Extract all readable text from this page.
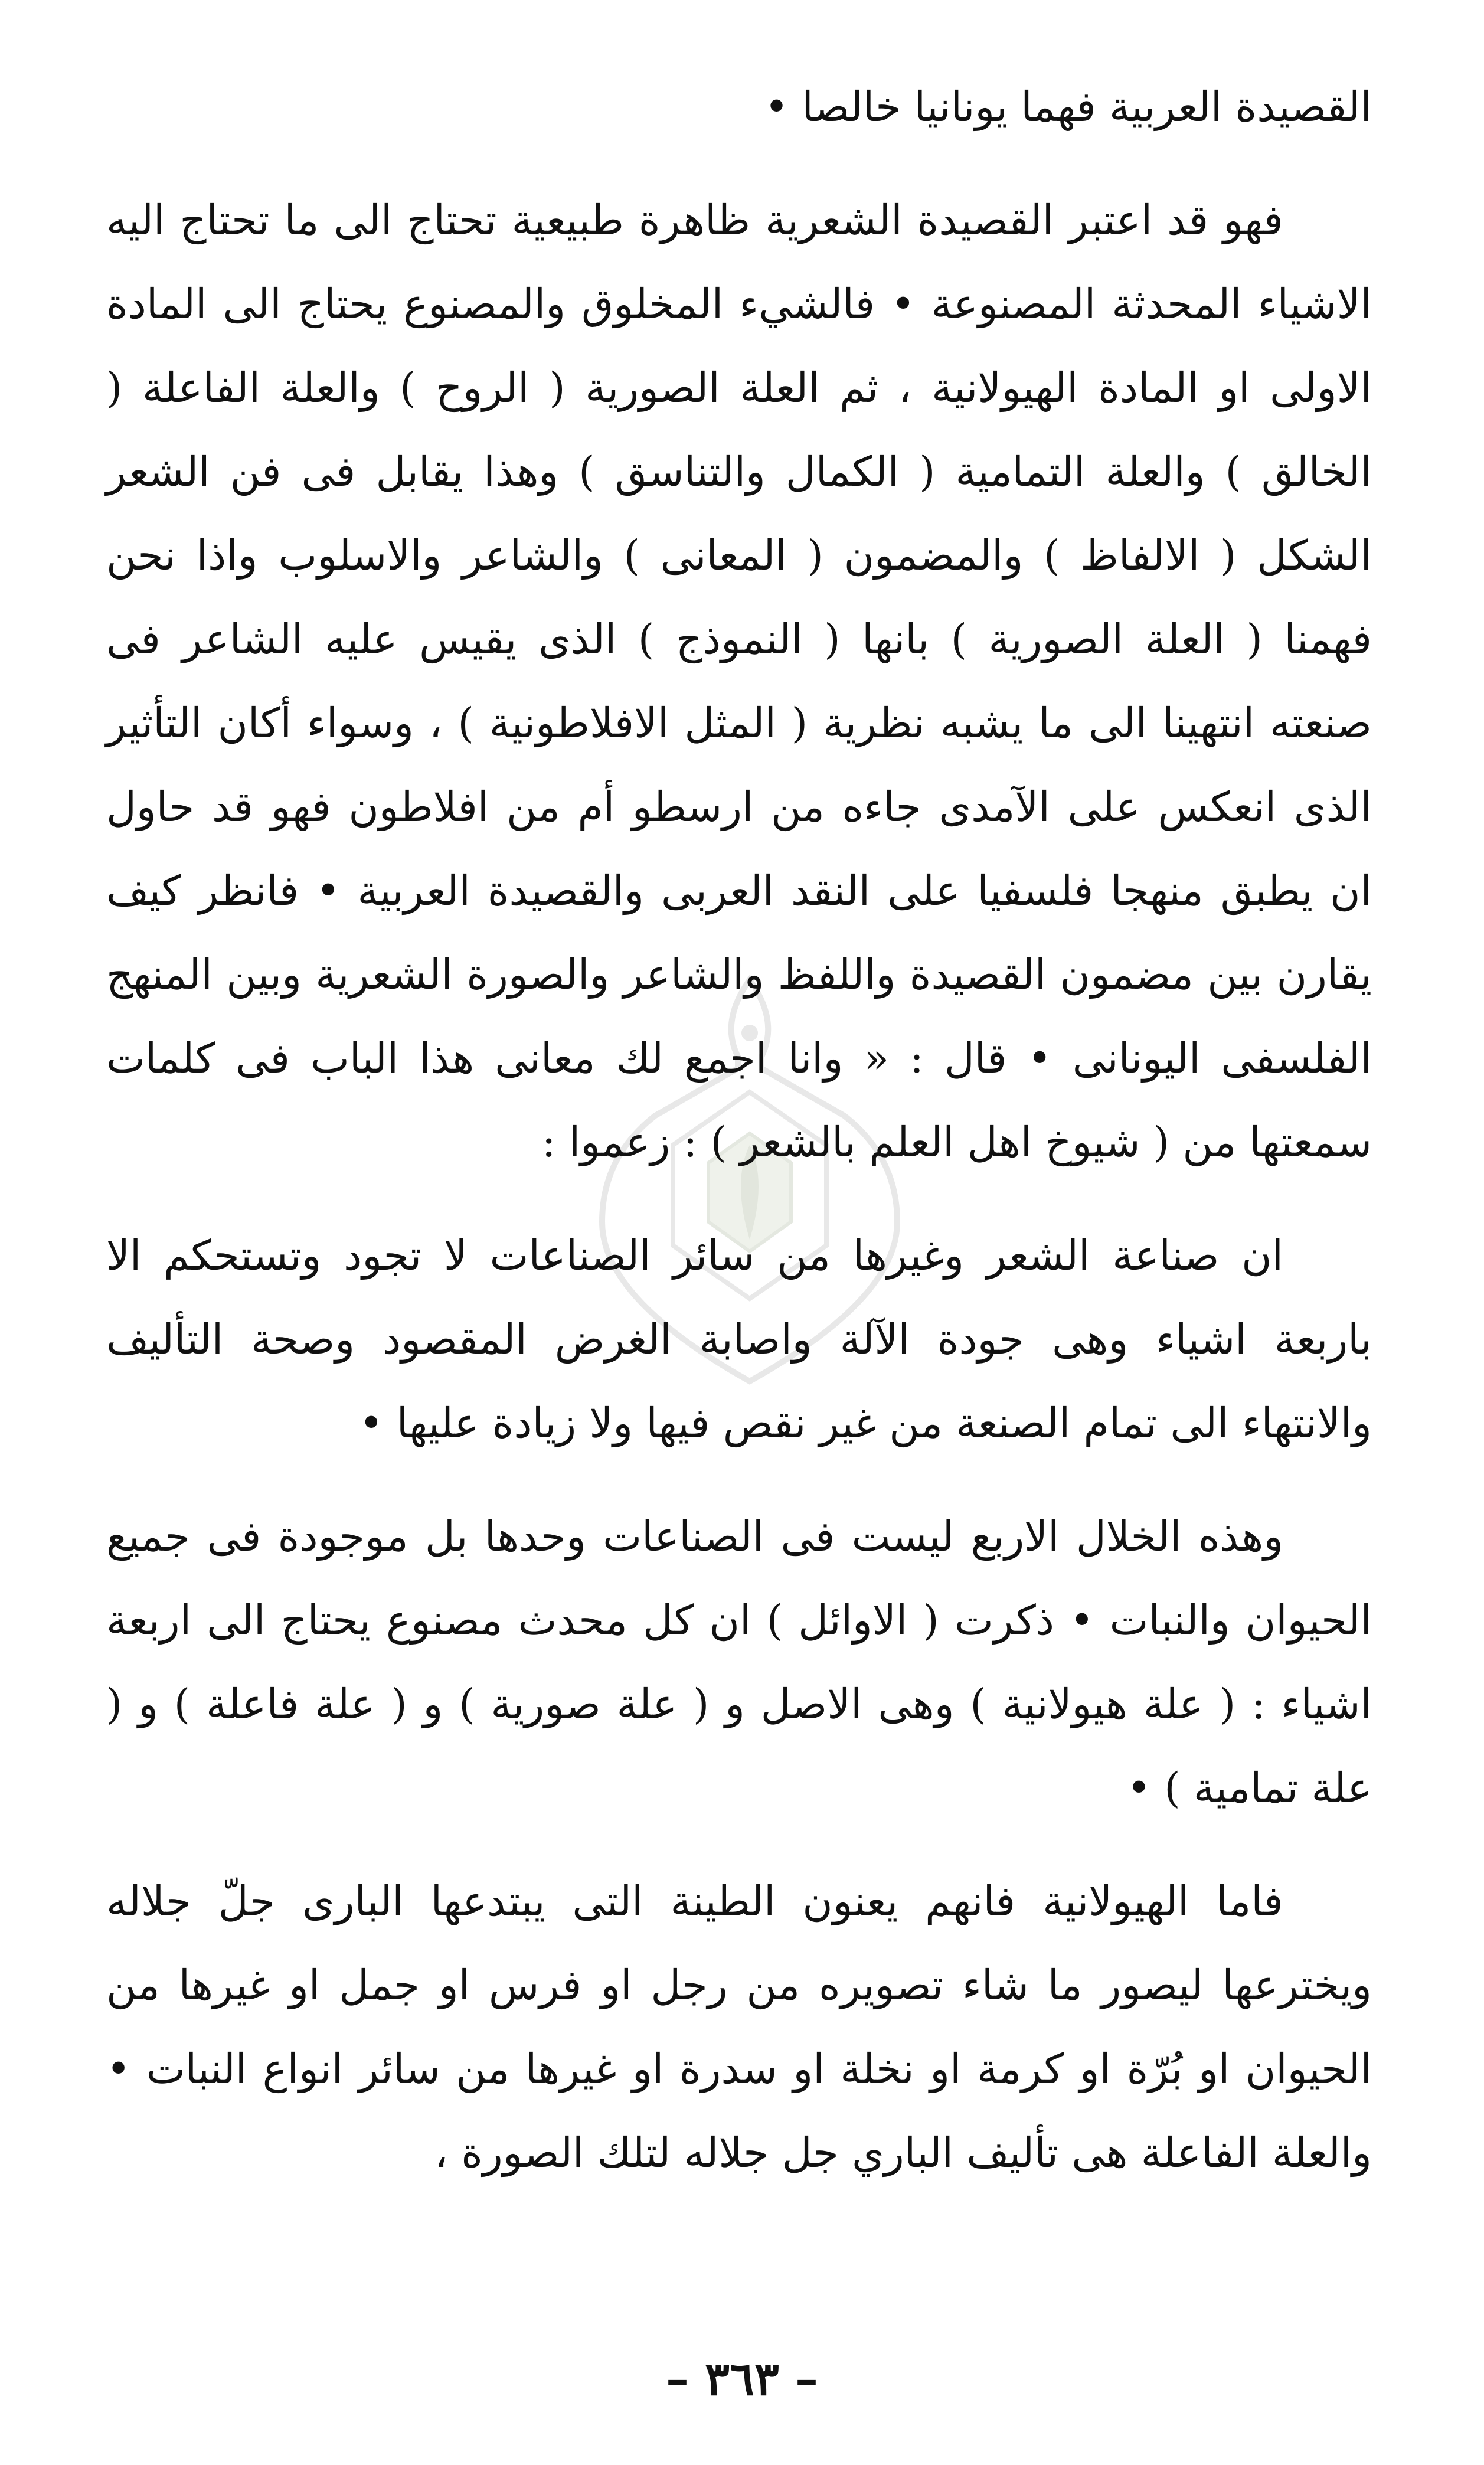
القصيدة العربية فهما يونانيا خالصا •

فهو قد اعتبر القصيدة الشعرية ظاهرة طبيعية تحتاج الى ما تحتاج اليه الاشياء المحدثة المصنوعة • فالشيء المخلوق والمصنوع يحتاج الى المادة الاولى او المادة الهيولانية ، ثم العلة الصورية ( الروح ) والعلة الفاعلة ( الخالق ) والعلة التمامية ( الكمال والتناسق ) وهذا يقابل فى فن الشعر الشكل ( الالفاظ ) والمضمون ( المعانى ) والشاعر والاسلوب واذا نحن فهمنا ( العلة الصورية ) بانها ( النموذج ) الذى يقيس عليه الشاعر فى صنعته انتهينا الى ما يشبه نظرية ( المثل الافلاطونية ) ، وسواء أكان التأثير الذى انعكس على الآمدى جاءه من ارسطو أم من افلاطون فهو قد حاول ان يطبق منهجا فلسفيا على النقد العربى والقصيدة العربية • فانظر كيف يقارن بين مضمون القصيدة واللفظ والشاعر والصورة الشعرية وبين المنهج الفلسفى اليونانى • قال : « وانا اجمع لك معانى هذا الباب فى كلمات سمعتها من ( شيوخ اهل العلم بالشعر ) : زعموا :

ان صناعة الشعر وغيرها من سائر الصناعات لا تجود وتستحكم الا باربعة اشياء وهى جودة الآلة واصابة الغرض المقصود وصحة التأليف والانتهاء الى تمام الصنعة من غير نقص فيها ولا زيادة عليها •

وهذه الخلال الاربع ليست فى الصناعات وحدها بل موجودة فى جميع الحيوان والنبات • ذكرت ( الاوائل ) ان كل محدث مصنوع يحتاج الى اربعة اشياء : ( علة هيولانية ) وهى الاصل و ( علة صورية ) و ( علة فاعلة ) و ( علة تمامية ) •

فاما الهيولانية فانهم يعنون الطينة التى يبتدعها البارى جلّ جلاله ويخترعها ليصور ما شاء تصويره من رجل او فرس او جمل او غيرها من الحيوان او بُرّة او كرمة او نخلة او سدرة او غيرها من سائر انواع النبات • والعلة الفاعلة هى تأليف الباري جل جلاله لتلك الصورة ،

– ٣٦٣ –
